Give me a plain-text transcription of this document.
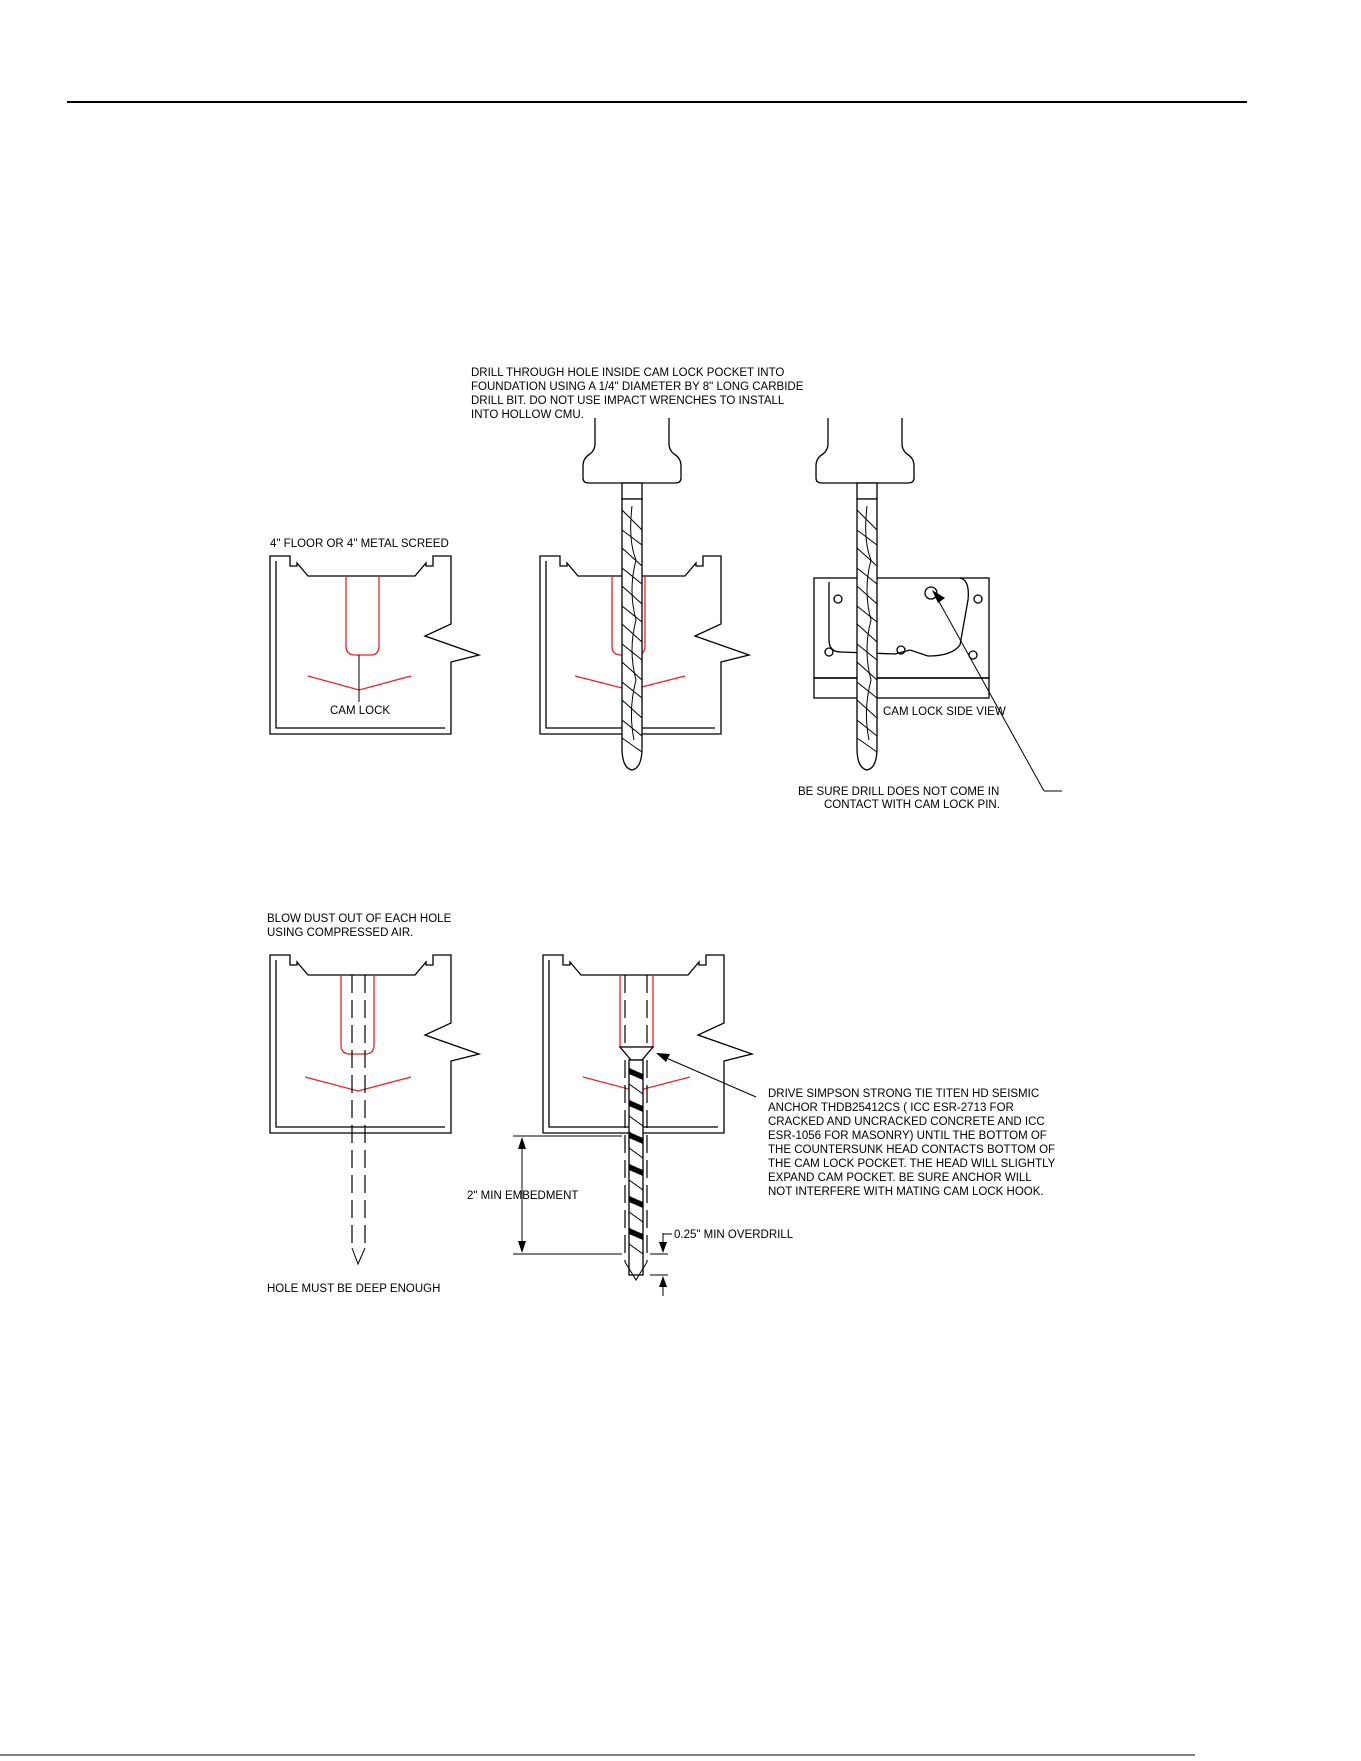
DRILL THROUGH HOLE INSIDE CAM LOCK POCKET INTO
FOUNDATION USING A 1/4" DIAMETER BY 8" LONG CARBIDE
DRILL BIT. DO NOT USE IMPACT WRENCHES TO INSTALL
INTO HOLLOW CMU.
4" FLOOR OR 4" METAL SCREED
CAM LOCK	CAM LOCK SIDE VIEW
BE SURE DRILL DOES NOT COME IN
CONTACT WITH CAM LOCK PIN.
BLOW DUST OUT OF EACH HOLE
USING COMPRESSED AIR.
HOLE MUST BE DEEP ENOUGH
2" MIN EMBEDMENT
0.25" MIN OVERDRILL
DRIVE SIMPSON STRONG TIE TITEN HD SEISMIC
ANCHOR THDB25412CS ( ICC ESR-2713 FOR
CRACKED AND UNCRACKED CONCRETE AND ICC
ESR-1056 FOR MASONRY) UNTIL THE BOTTOM OF
THE COUNTERSUNK HEAD CONTACTS BOTTOM OF
THE CAM LOCK POCKET. THE HEAD WILL SLIGHTLY
EXPAND CAM POCKET. BE SURE ANCHOR WILL
NOT INTERFERE WITH MATING CAM LOCK HOOK.
